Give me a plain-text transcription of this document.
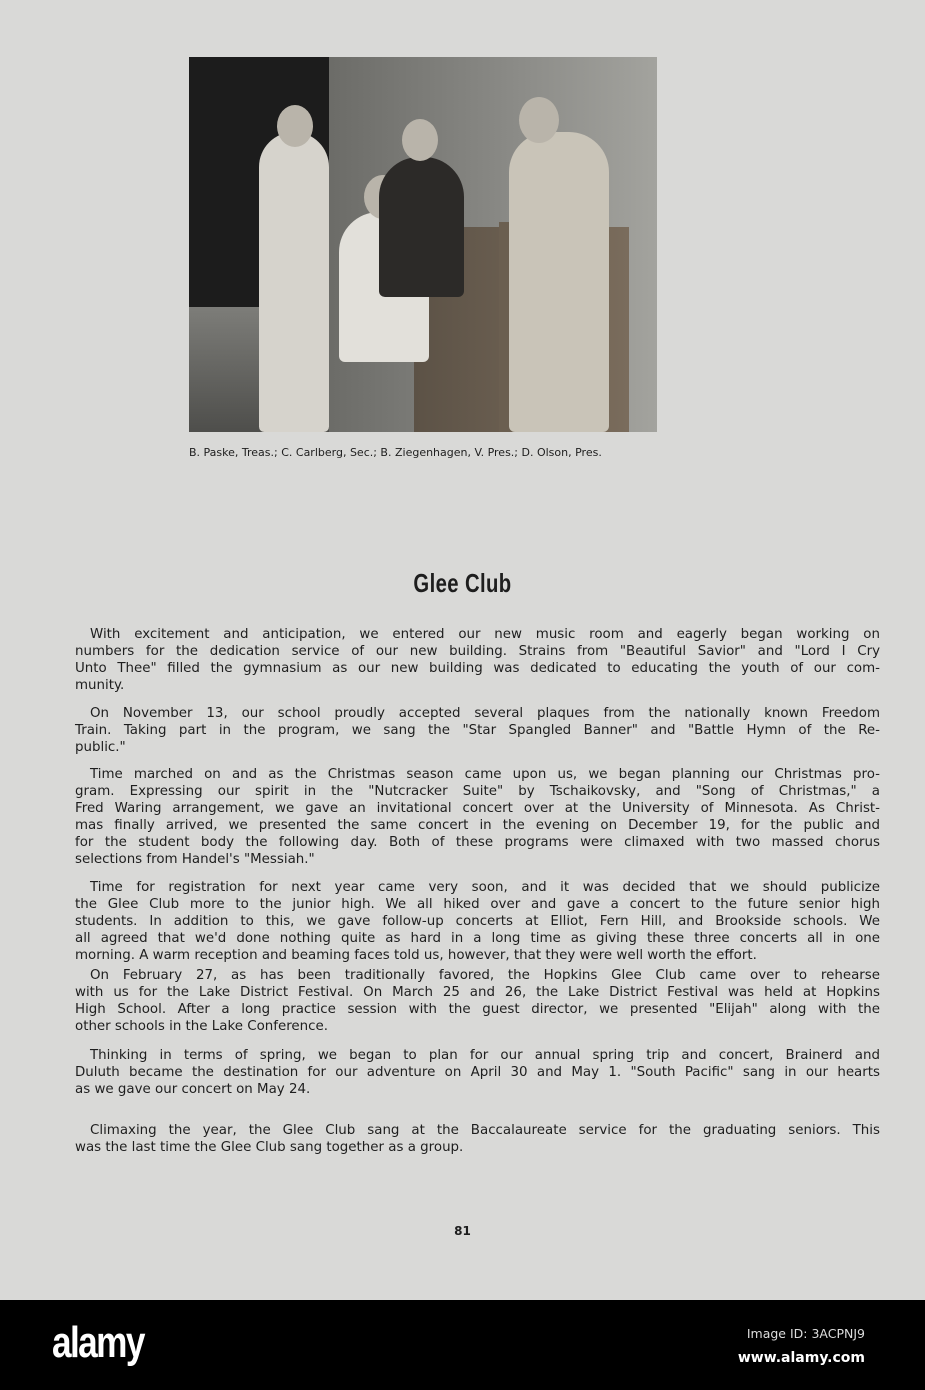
B. Paske, Treas.; C. Carlberg, Sec.; B. Ziegenhagen, V. Pres.; D. Olson, Pres.
Glee Club
With excitement and anticipation, we entered our new music room and eagerly began working on
numbers for the dedication service of our new building. Strains from "Beautiful Savior" and "Lord I Cry
Unto Thee" filled the gymnasium as our new building was dedicated to educating the youth of our com-
munity.
On November 13, our school proudly accepted several plaques from the nationally known Freedom
Train. Taking part in the program, we sang the "Star Spangled Banner" and "Battle Hymn of the Re-
public."
Time marched on and as the Christmas season came upon us, we began planning our Christmas pro-
gram. Expressing our spirit in the "Nutcracker Suite" by Tschaikovsky, and "Song of Christmas," a
Fred Waring arrangement, we gave an invitational concert over at the University of Minnesota. As Christ-
mas finally arrived, we presented the same concert in the evening on December 19, for the public and
for the student body the following day. Both of these programs were climaxed with two massed chorus
selections from Handel's "Messiah."
Time for registration for next year came very soon, and it was decided that we should publicize
the Glee Club more to the junior high. We all hiked over and gave a concert to the future senior high
students. In addition to this, we gave follow-up concerts at Elliot, Fern Hill, and Brookside schools. We
all agreed that we'd done nothing quite as hard in a long time as giving these three concerts all in one
morning. A warm reception and beaming faces told us, however, that they were well worth the effort.
On February 27, as has been traditionally favored, the Hopkins Glee Club came over to rehearse
with us for the Lake District Festival. On March 25 and 26, the Lake District Festival was held at Hopkins
High School. After a long practice session with the guest director, we presented "Elijah" along with the
other schools in the Lake Conference.
Thinking in terms of spring, we began to plan for our annual spring trip and concert, Brainerd and
Duluth became the destination for our adventure on April 30 and May 1. "South Pacific" sang in our hearts
as we gave our concert on May 24.
Climaxing the year, the Glee Club sang at the Baccalaureate service for the graduating seniors. This
was the last time the Glee Club sang together as a group.
81
alamy	Image ID: 3ACPNJ9
www.alamy.com
